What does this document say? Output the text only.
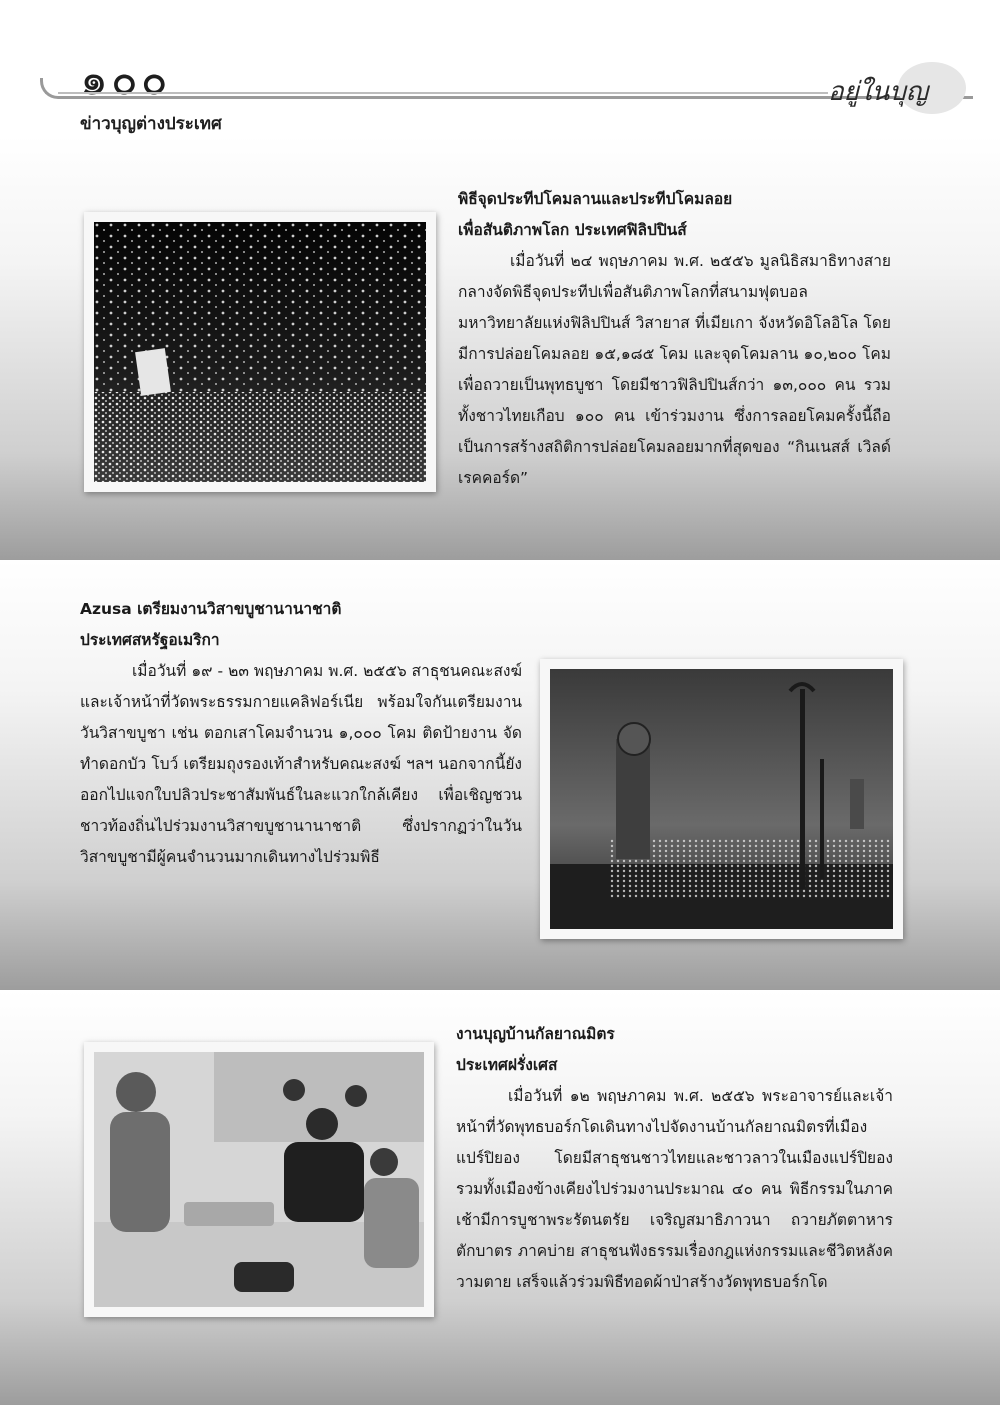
๑๐๐	อยู่ในบุญ
ข่าวบุญต่างประเทศ

พิธีจุดประทีปโคมลานและประทีปโคมลอย

เพื่อสันติภาพโลก ประเทศฟิลิปปินส์

เมื่อวันที่ ๒๔ พฤษภาคม พ.ศ. ๒๕๕๖ มูลนิธิสมาธิทางสายกลางจัดพิธีจุดประทีปเพื่อสันติภาพโลกที่สนามฟุตบอลมหาวิทยาลัยแห่งฟิลิปปินส์ วิสายาส ที่เมียเกา จังหวัดอิโลอิโล โดยมีการปล่อยโคมลอย ๑๕,๑๘๕ โคม และจุดโคมลาน ๑๐,๒๐๐ โคม เพื่อถวายเป็นพุทธบูชา โดยมีชาวฟิลิปปินส์กว่า ๑๓,๐๐๐ คน รวมทั้งชาวไทยเกือบ ๑๐๐ คน เข้าร่วมงาน ซึ่งการลอยโคมครั้งนี้ถือเป็นการสร้างสถิติการปล่อยโคมลอยมากที่สุดของ “กินเนสส์ เวิลด์ เรคคอร์ด”

Azusa เตรียมงานวิสาขบูชานานาชาติ

ประเทศสหรัฐอเมริกา

เมื่อวันที่ ๑๙ - ๒๓ พฤษภาคม พ.ศ. ๒๕๕๖ สาธุชนคณะสงฆ์ และเจ้าหน้าที่วัดพระธรรมกายแคลิฟอร์เนีย พร้อมใจกันเตรียมงานวันวิสาขบูชา เช่น ตอกเสาโคมจำนวน ๑,๐๐๐ โคม ติดป้ายงาน จัดทำดอกบัว โบว์ เตรียมถุงรองเท้าสำหรับคณะสงฆ์ ฯลฯ นอกจากนี้ยังออกไปแจกใบปลิวประชาสัมพันธ์ในละแวกใกล้เคียง เพื่อเชิญชวนชาวท้องถิ่นไปร่วมงานวิสาขบูชานานาชาติ ซึ่งปรากฏว่าในวันวิสาขบูชามีผู้คนจำนวนมากเดินทางไปร่วมพิธี

งานบุญบ้านกัลยาณมิตร

ประเทศฝรั่งเศส

เมื่อวันที่ ๑๒ พฤษภาคม พ.ศ. ๒๕๕๖ พระอาจารย์และเจ้าหน้าที่วัดพุทธบอร์กโดเดินทางไปจัดงานบ้านกัลยาณมิตรที่เมืองแปร์ปิยอง โดยมีสาธุชนชาวไทยและชาวลาวในเมืองแปร์ปิยอง รวมทั้งเมืองข้างเคียงไปร่วมงานประมาณ ๔๐ คน พิธีกรรมในภาคเช้ามีการบูชาพระรัตนตรัย เจริญสมาธิภาวนา ถวายภัตตาหาร ตักบาตร ภาคบ่าย สาธุชนฟังธรรมเรื่องกฎแห่งกรรมและชีวิตหลังความตาย เสร็จแล้วร่วมพิธีทอดผ้าป่าสร้างวัดพุทธบอร์กโด
